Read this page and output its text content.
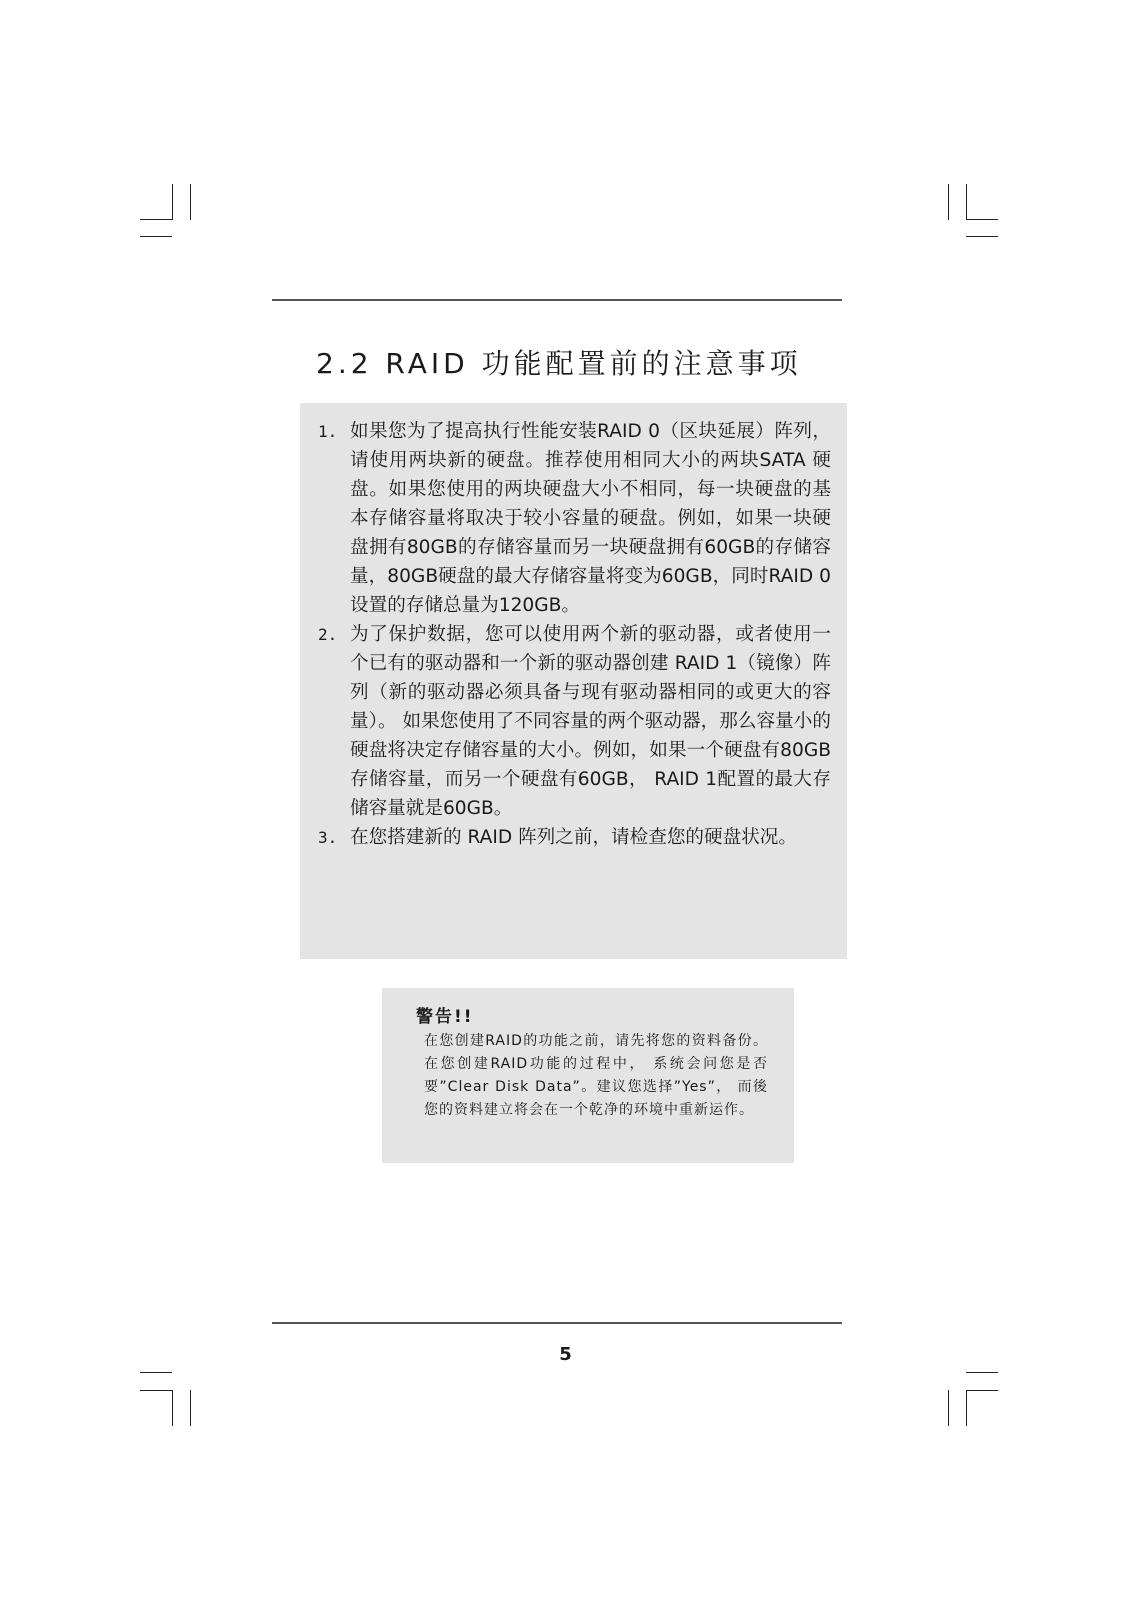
2.2 RAID 功能配置前的注意事项
1. 如果您为了提高执行性能安装RAID 0（区块延展）阵列，请使用两块新的硬盘。推荐使用相同大小的两块SATA 硬盘。如果您使用的两块硬盘大小不相同，每一块硬盘的基本存储容量将取决于较小容量的硬盘。例如，如果一块硬盘拥有80GB的存储容量而另一块硬盘拥有60GB的存储容量，80GB硬盘的最大存储容量将变为60GB，同时RAID 0设置的存储总量为120GB。
2. 为了保护数据，您可以使用两个新的驱动器，或者使用一个已有的驱动器和一个新的驱动器创建 RAID 1（镜像）阵列（新的驱动器必须具备与现有驱动器相同的或更大的容量）。 如果您使用了不同容量的两个驱动器，那么容量小的硬盘将决定存储容量的大小。例如，如果一个硬盘有80GB存储容量，而另一个硬盘有60GB， RAID 1配置的最大存储容量就是60GB。
3. 在您搭建新的 RAID 阵列之前，请检查您的硬盘状况。
警告!!
在您创建RAID的功能之前，请先将您的资料备份。在您创建RAID功能的过程中， 系统会问您是否要”Clear Disk Data”。建议您选择”Yes”， 而後您的资料建立将会在一个乾净的环境中重新运作。
5
